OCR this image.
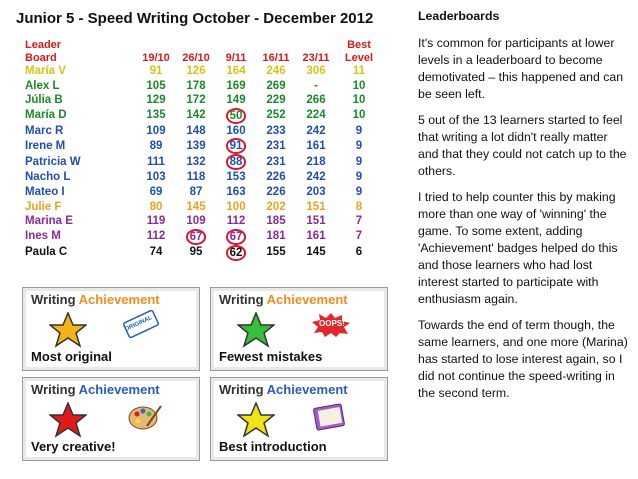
Junior 5 - Speed Writing October - December 2012
Leader	19/10	26/10	9/11	16/11	23/11	Best
Board						Level
María V	91	126	164	246	306	11
Alex L	105	178	169	269	-	10
Júlia B	129	172	149	229	266	10
María D	135	142	50	252	224	10
Marc R	109	148	160	233	242	9
Irene M	89	139	91	231	161	9
Patricia W	111	132	88	231	218	9
Nacho L	103	118	153	226	242	9
Mateo I	69	87	163	226	203	9
Julie F	80	145	100	202	151	8
Marina E	119	109	112	185	151	7
Ines M	112	67	67	181	161	7
Paula C	74	95	62	155	145	6
Writing Achievement
ORIGINAL
Most original
Writing Achievement
OOPS!
Fewest mistakes
Writing Achievement
Very creative!
Writing Achievement
Best introduction
Leaderboards

It's common for participants at lower levels in a leaderboard to become demotivated – this happened and can be seen left.

5 out of the 13 learners started to feel that writing a lot didn't really matter and that they could not catch up to the others.

I tried to help counter this by making more than one way of 'winning' the game. To some extent, adding 'Achievement' badges helped do this and those learners who had lost interest started to participate with enthusiasm again.

Towards the end of term though, the same learners, and one more (Marina) has started to lose interest again, so I did not continue the speed-writing in the second term.
